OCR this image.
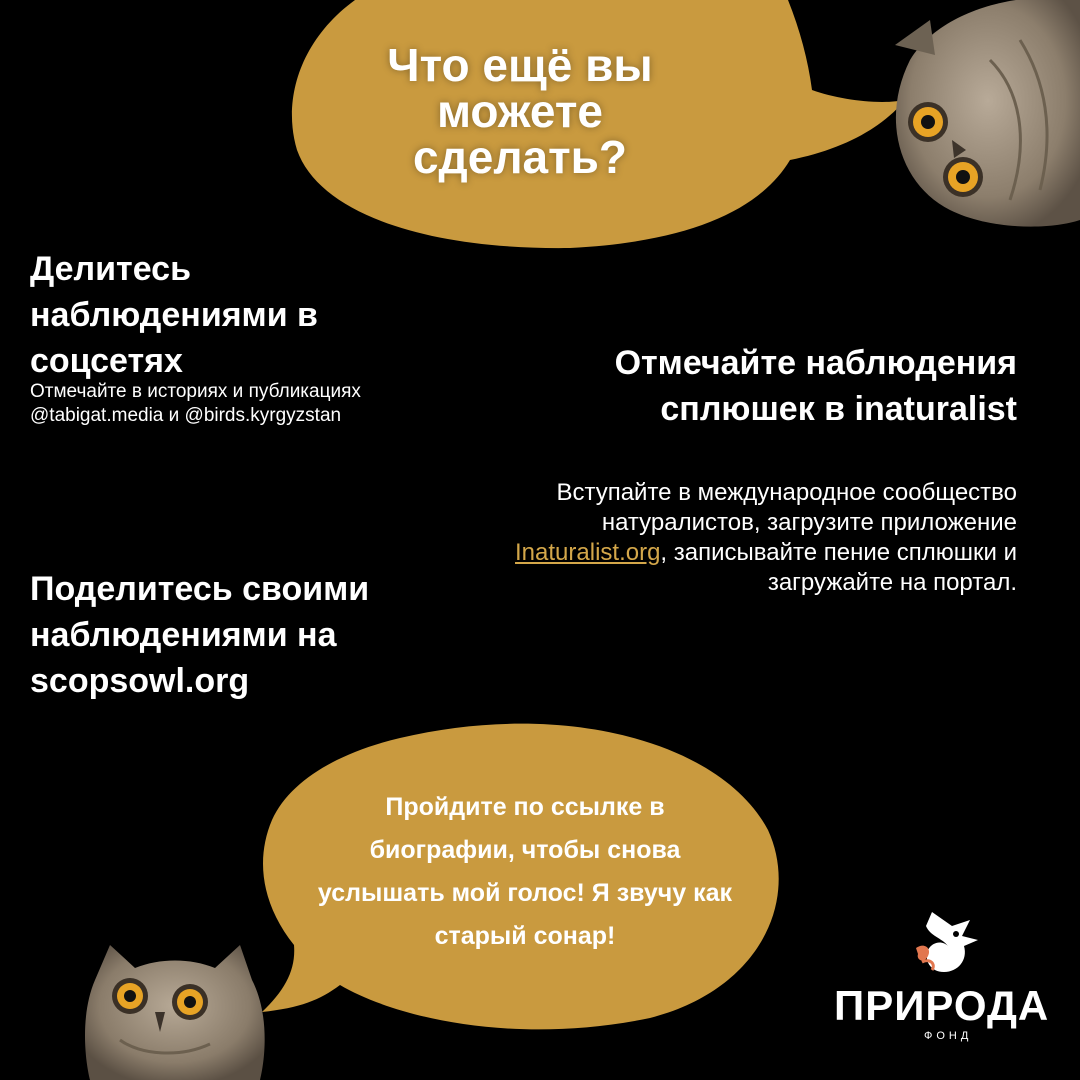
Что ещё вы можете сделать?
Делитесь наблюдениями в соцсетях
Отмечайте в историях и публикациях
@tabigat.media и @birds.kyrgyzstan
Отмечайте наблюдения сплюшек в inaturalist
Вступайте в международное сообщество натуралистов, загрузите приложение Inaturalist.org, записывайте пение сплюшки и загружайте на портал.
Поделитесь своими наблюдениями на scopsowl.org
Пройдите по ссылке в биографии, чтобы снова услышать мой голос! Я звучу как старый сонар!
ПРИРОДА
ФОНД
